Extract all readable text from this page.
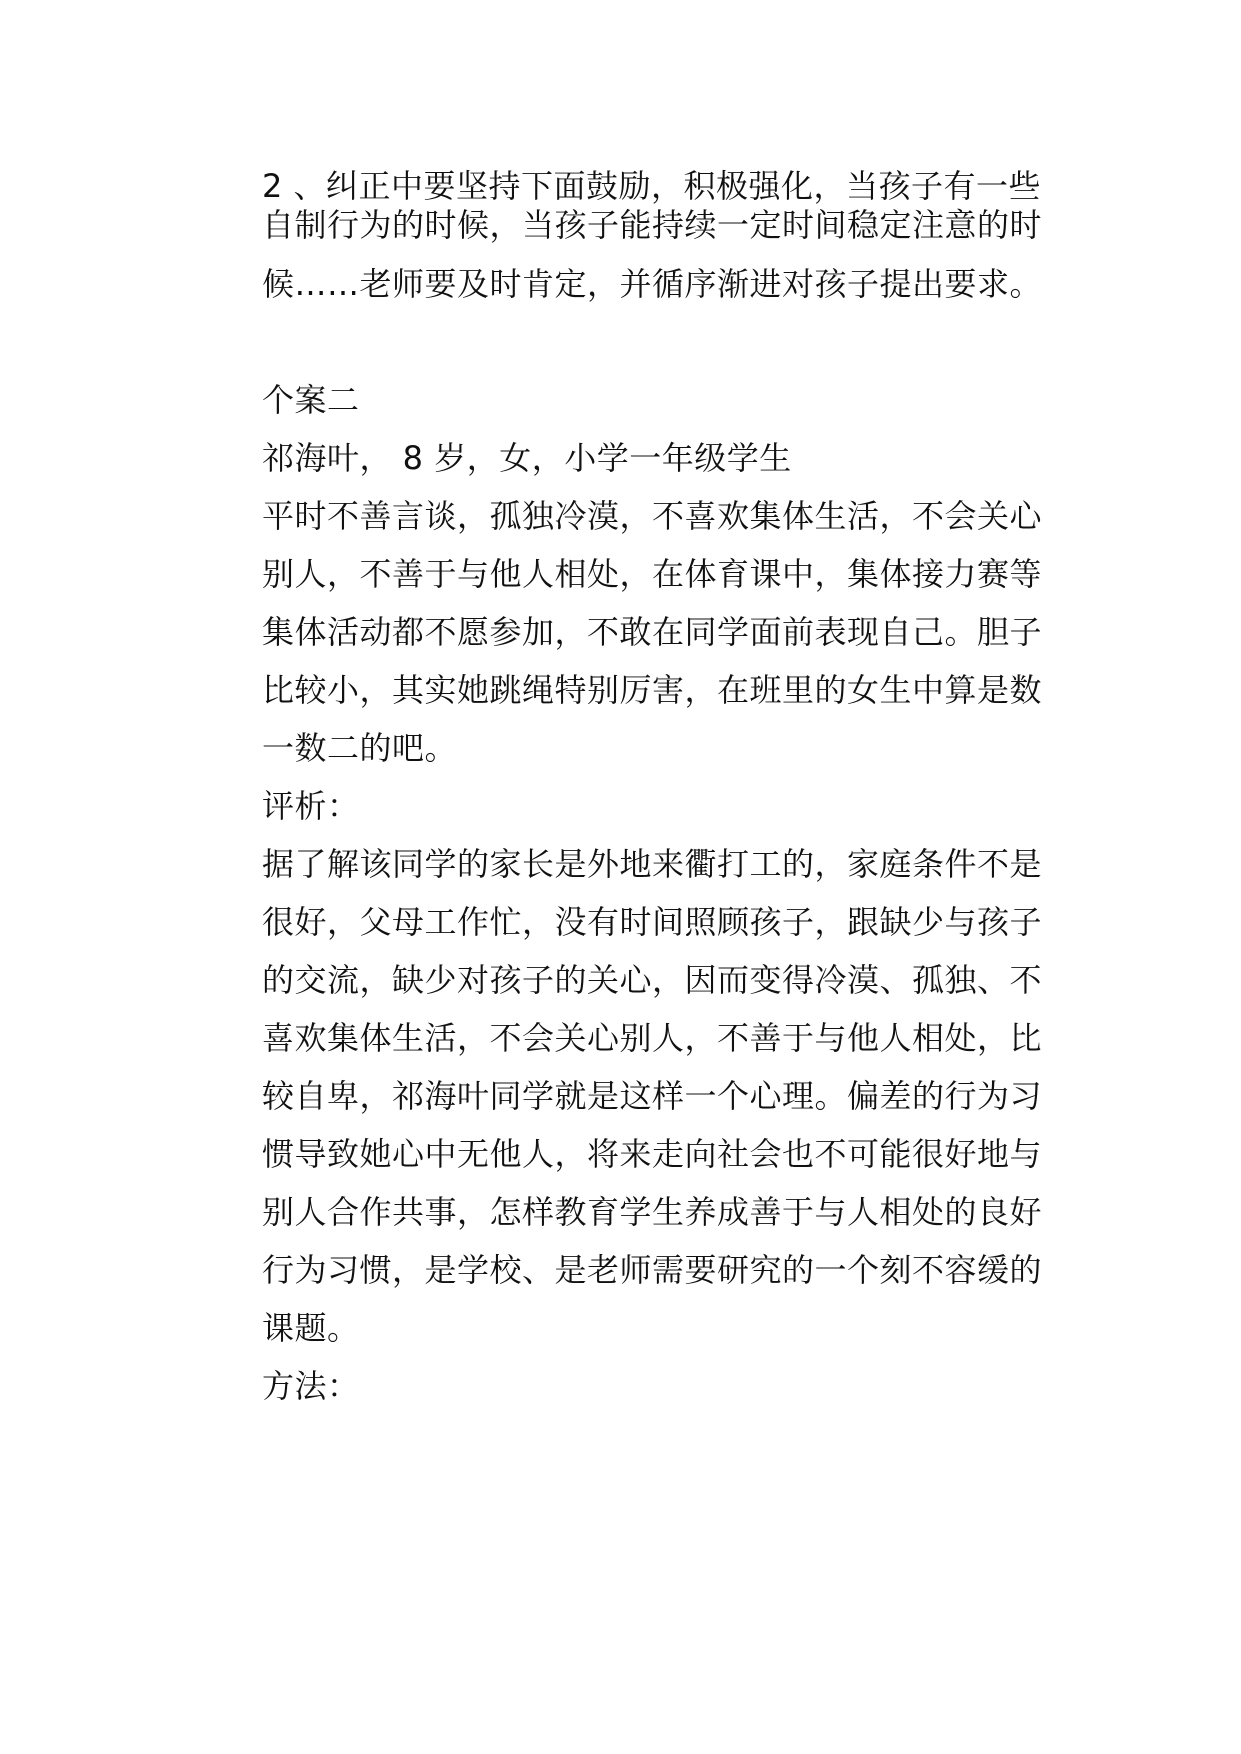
2 、纠正中要坚持下面鼓励，积极强化，当孩子有一些
自制行为的时候，当孩子能持续一定时间稳定注意的时
候……老师要及时肯定，并循序渐进对孩子提出要求。
个案二
祁海叶， 8 岁，女，小学一年级学生
平时不善言谈，孤独冷漠，不喜欢集体生活，不会关心
别人，不善于与他人相处，在体育课中，集体接力赛等
集体活动都不愿参加，不敢在同学面前表现自己。胆子
比较小，其实她跳绳特别厉害，在班里的女生中算是数
一数二的吧。
评析：
据了解该同学的家长是外地来衢打工的，家庭条件不是
很好，父母工作忙，没有时间照顾孩子，跟缺少与孩子
的交流，缺少对孩子的关心，因而变得冷漠、孤独、不
喜欢集体生活，不会关心别人，不善于与他人相处，比
较自卑，祁海叶同学就是这样一个心理。偏差的行为习
惯导致她心中无他人，将来走向社会也不可能很好地与
别人合作共事，怎样教育学生养成善于与人相处的良好
行为习惯，是学校、是老师需要研究的一个刻不容缓的
课题。
方法：
